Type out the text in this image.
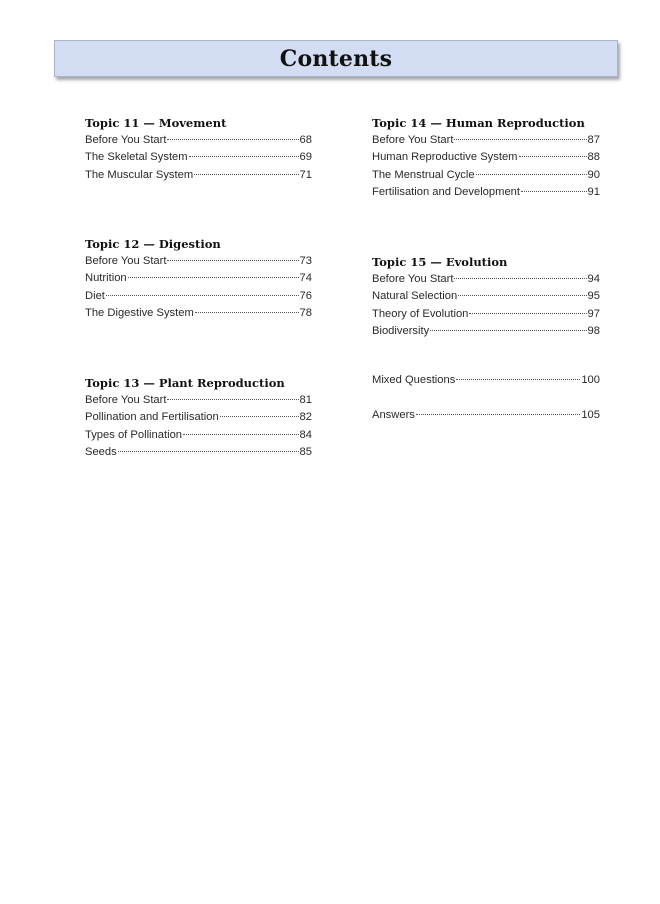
Contents
Topic 11 — Movement
Before You Start	68
The Skeletal System	69
The Muscular System	71
Topic 12 — Digestion
Before You Start	73
Nutrition	74
Diet	76
The Digestive System	78
Topic 13 — Plant Reproduction
Before You Start	81
Pollination and Fertilisation	82
Types of Pollination	84
Seeds	85
Topic 14 — Human Reproduction
Before You Start	87
Human Reproductive System	88
The Menstrual Cycle	90
Fertilisation and Development	91
Topic 15 — Evolution
Before You Start	94
Natural Selection	95
Theory of Evolution	97
Biodiversity	98
Mixed Questions	100
Answers	105
